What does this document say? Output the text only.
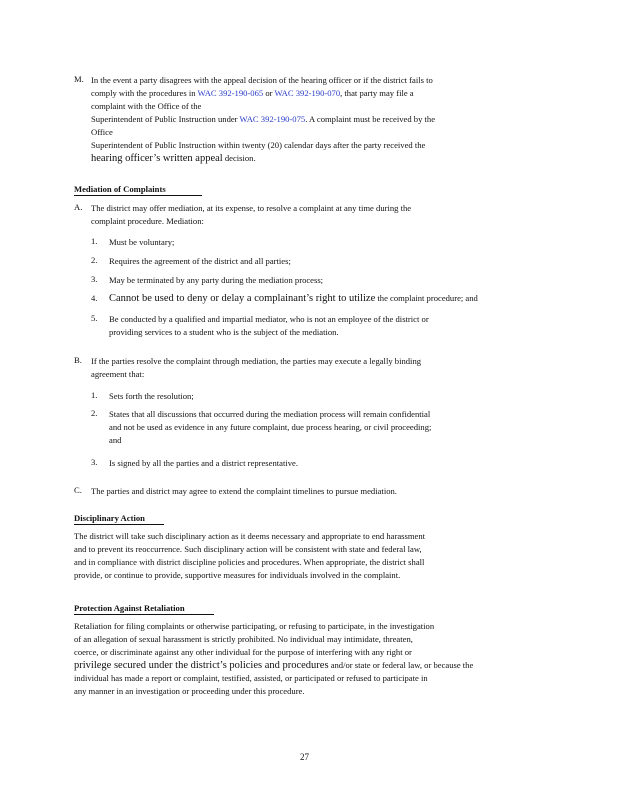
M. In the event a party disagrees with the appeal decision of the hearing officer or if the district fails to
comply with the procedures in WAC 392-190-065 or WAC 392-190-070, that party may file a
complaint with the Office of the
Superintendent of Public Instruction under WAC 392-190-075. A complaint must be received by the
Office
Superintendent of Public Instruction within twenty (20) calendar days after the party received the
hearing officer’s written appeal decision.
Mediation of Complaints
A. The district may offer mediation, at its expense, to resolve a complaint at any time during the
complaint procedure. Mediation:
1. Must be voluntary;
2. Requires the agreement of the district and all parties;
3. May be terminated by any party during the mediation process;
4. Cannot be used to deny or delay a complainant’s right to utilize the complaint procedure; and
5. Be conducted by a qualified and impartial mediator, who is not an employee of the district or
providing services to a student who is the subject of the mediation.
B. If the parties resolve the complaint through mediation, the parties may execute a legally binding
agreement that:
1. Sets forth the resolution;
2. States that all discussions that occurred during the mediation process will remain confidential
and not be used as evidence in any future complaint, due process hearing, or civil proceeding;
and
3. Is signed by all the parties and a district representative.
C. The parties and district may agree to extend the complaint timelines to pursue mediation.
Disciplinary Action
The district will take such disciplinary action as it deems necessary and appropriate to end harassment
and to prevent its reoccurrence. Such disciplinary action will be consistent with state and federal law,
and in compliance with district discipline policies and procedures. When appropriate, the district shall
provide, or continue to provide, supportive measures for individuals involved in the complaint.
Protection Against Retaliation
Retaliation for filing complaints or otherwise participating, or refusing to participate, in the investigation
of an allegation of sexual harassment is strictly prohibited. No individual may intimidate, threaten,
coerce, or discriminate against any other individual for the purpose of interfering with any right or
privilege secured under the district’s policies and procedures and/or state or federal law, or because the
individual has made a report or complaint, testified, assisted, or participated or refused to participate in
any manner in an investigation or proceeding under this procedure.
27
